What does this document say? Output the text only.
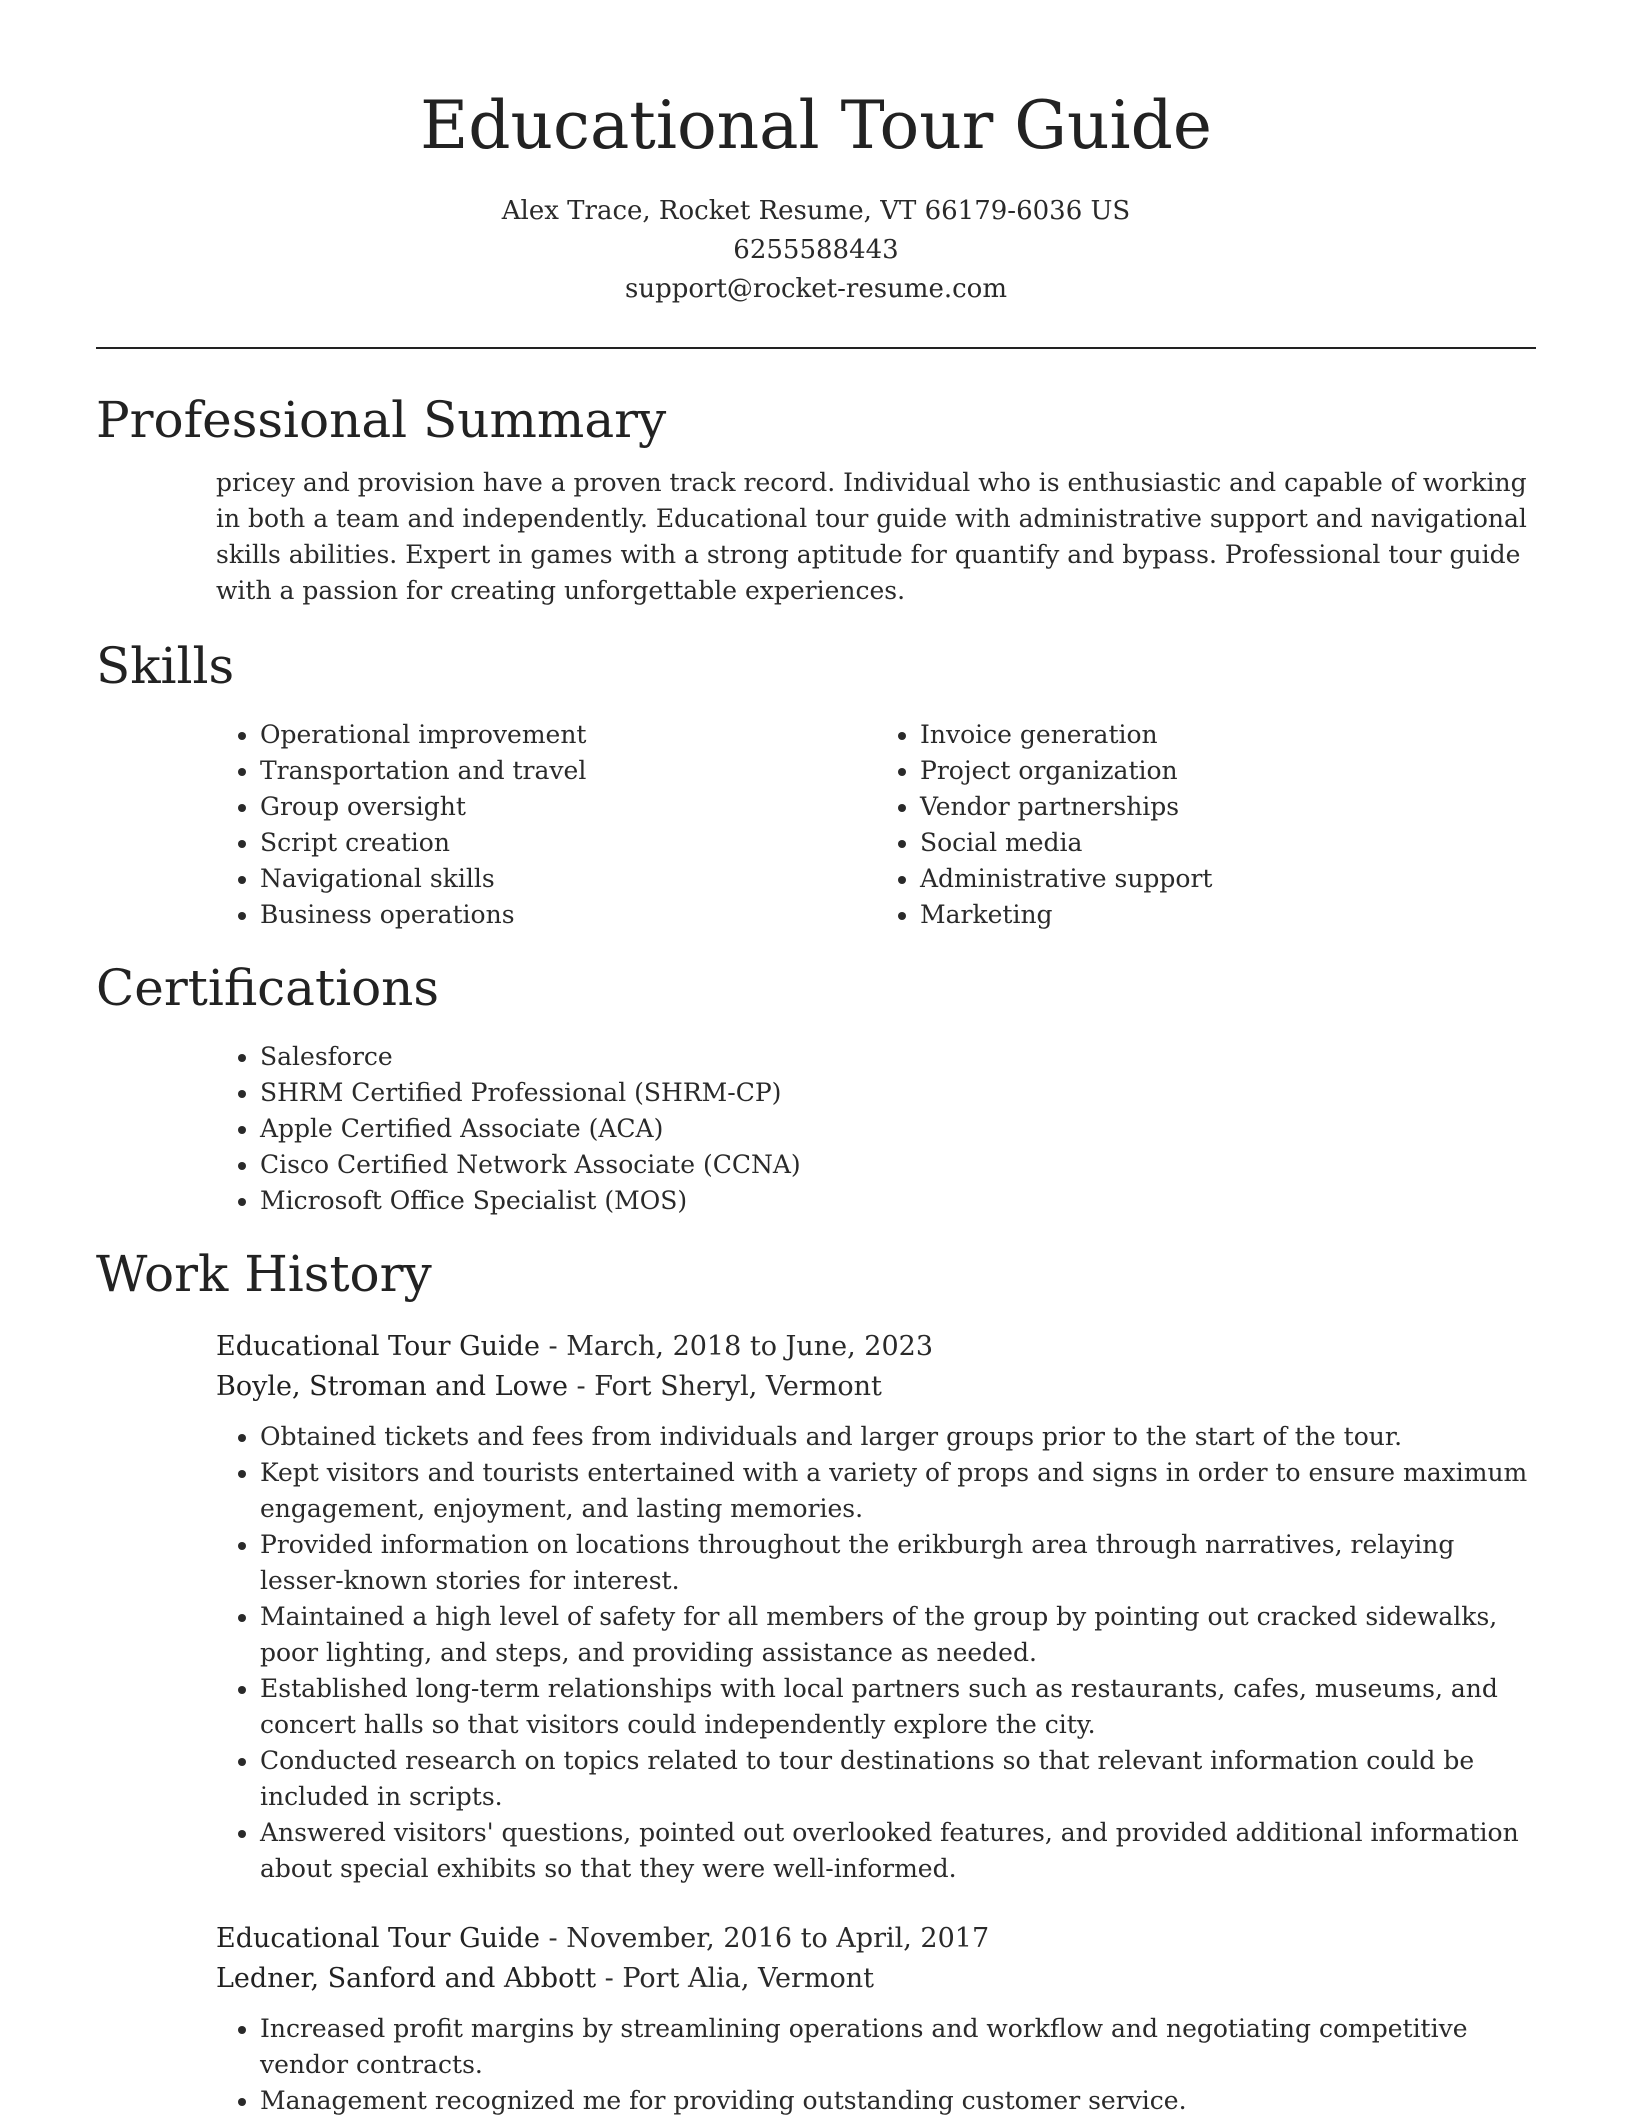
Educational Tour Guide
Alex Trace, Rocket Resume, VT 66179-6036 US
6255588443
support@rocket-resume.com
Professional Summary

pricey and provision have a proven track record. Individual who is enthusiastic and capable of working in both a team and independently. Educational tour guide with administrative support and navigational skills abilities. Expert in games with a strong aptitude for quantify and bypass. Professional tour guide with a passion for creating unforgettable experiences.

Skills
• Operational improvement
• Transportation and travel
• Group oversight
• Script creation
• Navigational skills
• Business operations
• Invoice generation
• Project organization
• Vendor partnerships
• Social media
• Administrative support
• Marketing
Certifications
• Salesforce
• SHRM Certified Professional (SHRM-CP)
• Apple Certified Associate (ACA)
• Cisco Certified Network Associate (CCNA)
• Microsoft Office Specialist (MOS)
Work History
Educational Tour Guide - March, 2018 to June, 2023
Boyle, Stroman and Lowe - Fort Sheryl, Vermont
• Obtained tickets and fees from individuals and larger groups prior to the start of the tour.
• Kept visitors and tourists entertained with a variety of props and signs in order to ensure maximum engagement, enjoyment, and lasting memories.
• Provided information on locations throughout the erikburgh area through narratives, relaying lesser-known stories for interest.
• Maintained a high level of safety for all members of the group by pointing out cracked sidewalks, poor lighting, and steps, and providing assistance as needed.
• Established long-term relationships with local partners such as restaurants, cafes, museums, and concert halls so that visitors could independently explore the city.
• Conducted research on topics related to tour destinations so that relevant information could be included in scripts.
• Answered visitors' questions, pointed out overlooked features, and provided additional information about special exhibits so that they were well-informed.
Educational Tour Guide - November, 2016 to April, 2017
Ledner, Sanford and Abbott - Port Alia, Vermont
• Increased profit margins by streamlining operations and workflow and negotiating competitive vendor contracts.
• Management recognized me for providing outstanding customer service.
